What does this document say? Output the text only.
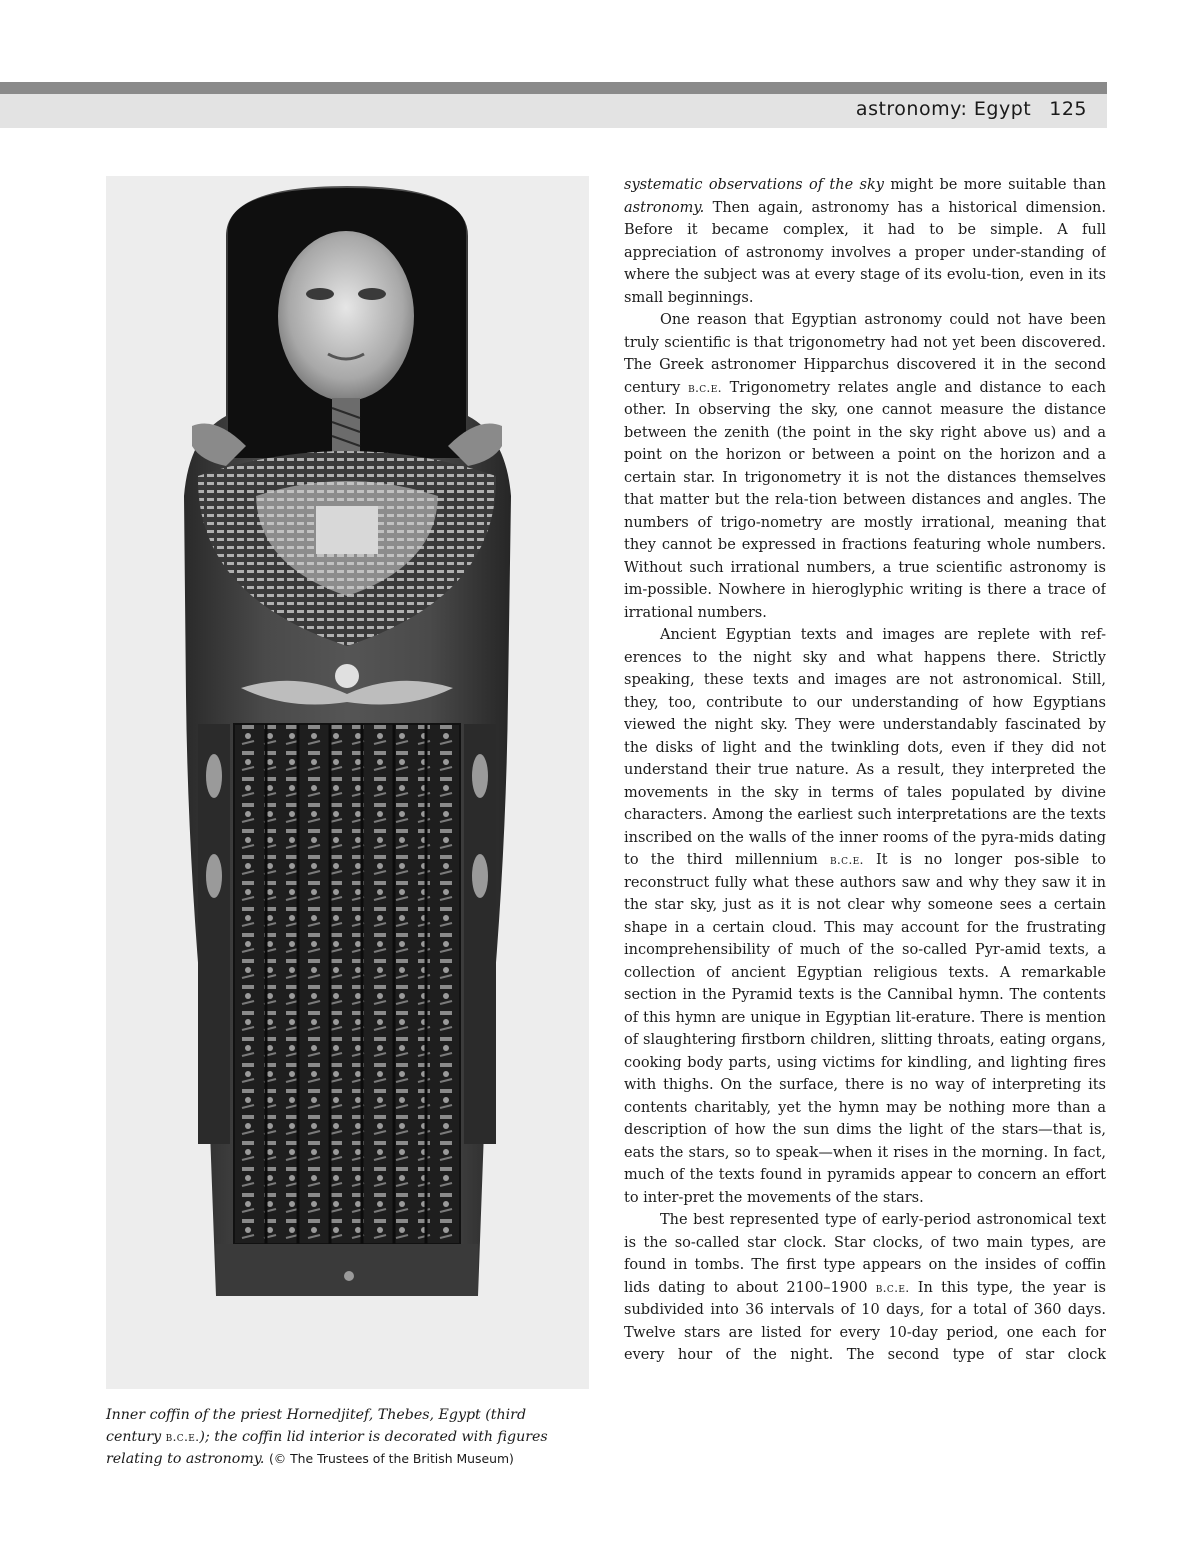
astronomy: Egypt 125
Inner coffin of the priest Hornedjitef, Thebes, Egypt (third century b.c.e.); the coffin lid interior is decorated with figures relating to astronomy. (© The Trustees of the British Museum)

systematic observations of the sky might be more suitable than astronomy. Then again, astronomy has a historical dimension. Before it became complex, it had to be simple. A full appreciation of astronomy involves a proper under-standing of where the subject was at every stage of its evolu-tion, even in its small beginnings.

One reason that Egyptian astronomy could not have been truly scientific is that trigonometry had not yet been discovered. The Greek astronomer Hipparchus discovered it in the second century b.c.e. Trigonometry relates angle and distance to each other. In observing the sky, one cannot measure the distance between the zenith (the point in the sky right above us) and a point on the horizon or between a point on the horizon and a certain star. In trigonometry it is not the distances themselves that matter but the rela-tion between distances and angles. The numbers of trigo-nometry are mostly irrational, meaning that they cannot be expressed in fractions featuring whole numbers. Without such irrational numbers, a true scientific astronomy is im-possible. Nowhere in hieroglyphic writing is there a trace of irrational numbers.

Ancient Egyptian texts and images are replete with ref-erences to the night sky and what happens there. Strictly speaking, these texts and images are not astronomical. Still, they, too, contribute to our understanding of how Egyptians viewed the night sky. They were understandably fascinated by the disks of light and the twinkling dots, even if they did not understand their true nature. As a result, they interpreted the movements in the sky in terms of tales populated by divine characters. Among the earliest such interpretations are the texts inscribed on the walls of the inner rooms of the pyra-mids dating to the third millennium b.c.e. It is no longer pos-sible to reconstruct fully what these authors saw and why they saw it in the star sky, just as it is not clear why someone sees a certain shape in a certain cloud. This may account for the frustrating incomprehensibility of much of the so-called Pyr-amid texts, a collection of ancient Egyptian religious texts. A remarkable section in the Pyramid texts is the Cannibal hymn. The contents of this hymn are unique in Egyptian lit-erature. There is mention of slaughtering firstborn children, slitting throats, eating organs, cooking body parts, using victims for kindling, and lighting fires with thighs. On the surface, there is no way of interpreting its contents charitably, yet the hymn may be nothing more than a description of how the sun dims the light of the stars—that is, eats the stars, so to speak—when it rises in the morning. In fact, much of the texts found in pyramids appear to concern an effort to inter-pret the movements of the stars.

The best represented type of early-period astronomical text is the so-called star clock. Star clocks, of two main types, are found in tombs. The first type appears on the insides of coffin lids dating to about 2100–1900 b.c.e. In this type, the year is subdivided into 36 intervals of 10 days, for a total of 360 days. Twelve stars are listed for every 10-day period, one each for every hour of the night. The second type of star clock
